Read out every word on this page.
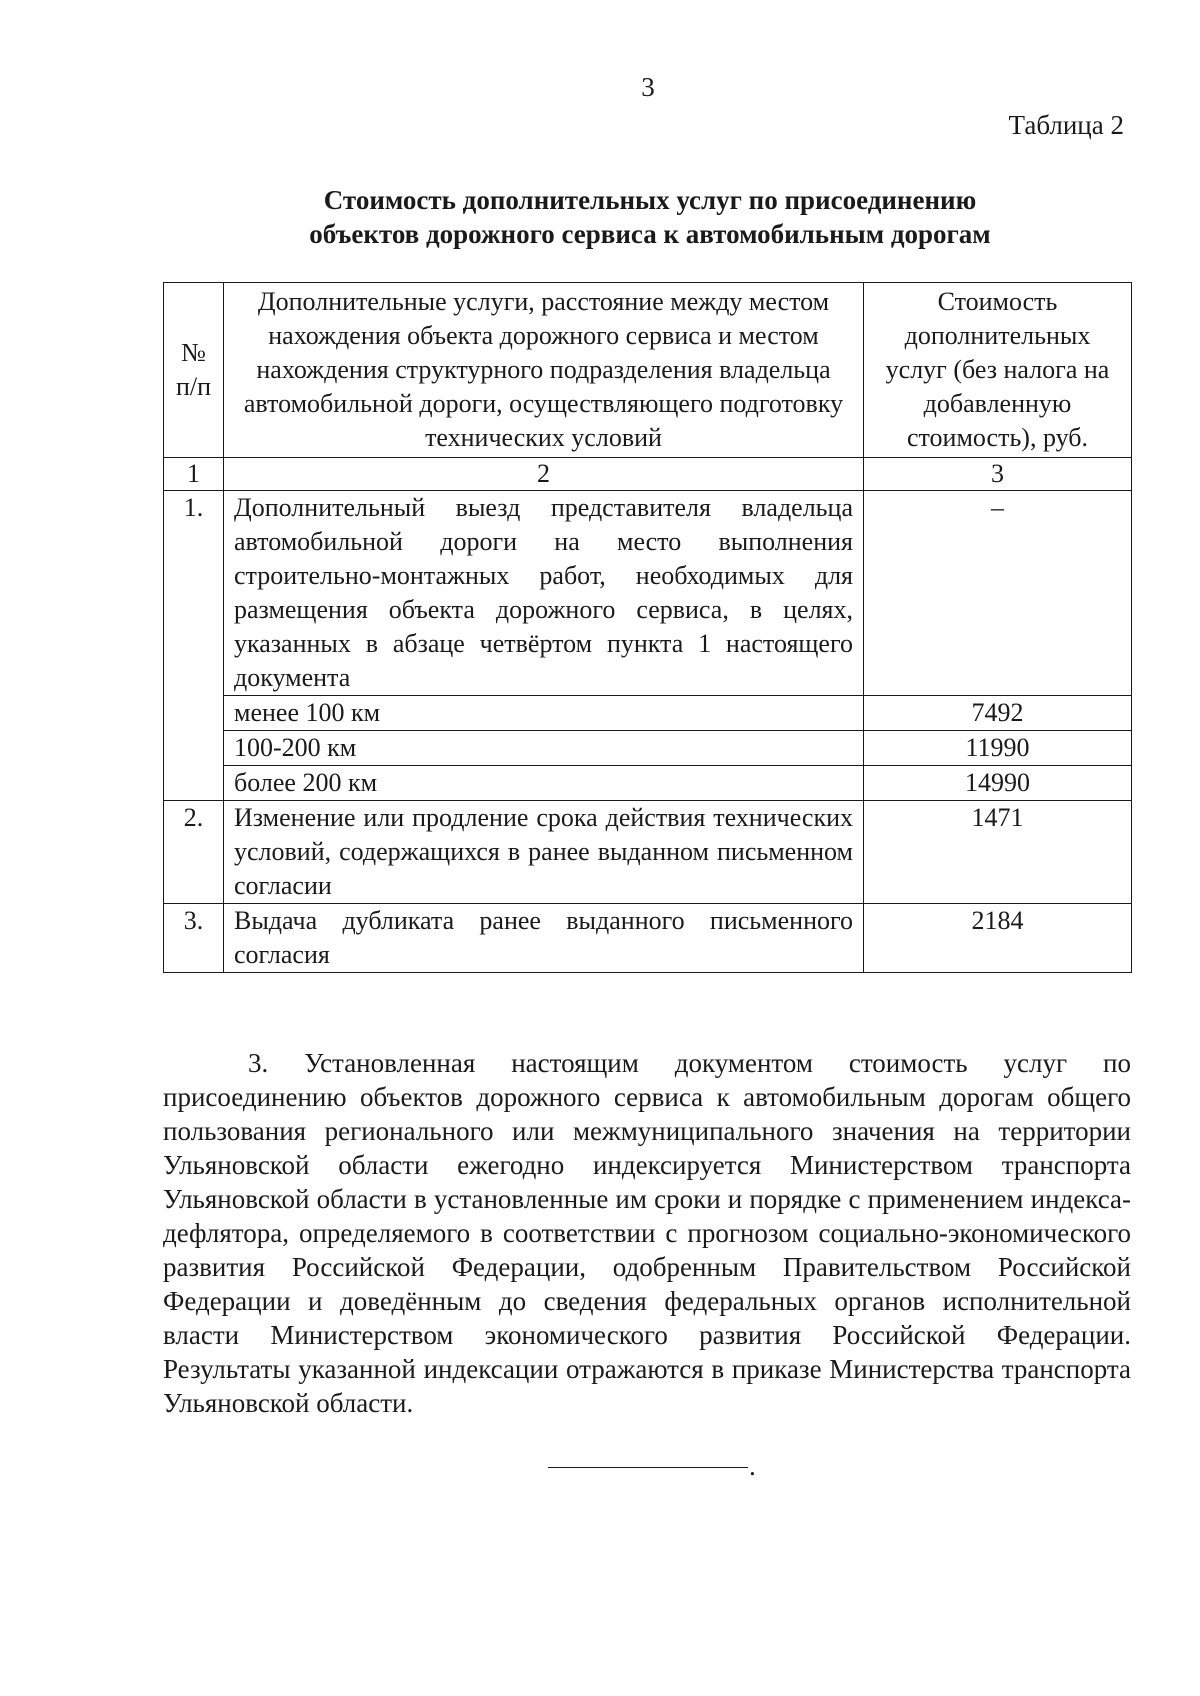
3
Таблица 2
Стоимость дополнительных услуг по присоединению
объектов дорожного сервиса к автомобильным дорогам
№ п/п	Дополнительные услуги, расстояние между местом нахождения объекта дорожного сервиса и местом нахождения структурного подразделения владельца автомобильной дороги, осуществляющего подготовку технических условий	Стоимость дополнительных услуг (без налога на добавленную стоимость), руб.
1	2	3
1.	Дополнительный выезд представителя владельца автомобильной дороги на место выполнения строительно-монтажных работ, необходимых для размещения объекта дорожного сервиса, в целях, указанных в абзаце четвёртом пункта 1 настоящего документа	–
	менее 100 км	7492
	100-200 км	11990
	более 200 км	14990
2.	Изменение или продление срока действия технических условий, содержащихся в ранее выданном письменном согласии	1471
3.	Выдача дубликата ранее выданного письменного согласия	2184
3. Установленная настоящим документом стоимость услуг по присоединению объектов дорожного сервиса к автомобильным дорогам общего пользования регионального или межмуниципального значения на территории Ульяновской области ежегодно индексируется Министерством транспорта Ульяновской области в установленные им сроки и порядке с применением индекса-дефлятора, определяемого в соответствии с прогнозом социально-экономического развития Российской Федерации, одобренным Правительством Российской Федерации и доведённым до сведения федеральных органов исполнительной власти Министерством экономического развития Российской Федерации. Результаты указанной индексации отражаются в приказе Министерства транспорта Ульяновской области.
.
